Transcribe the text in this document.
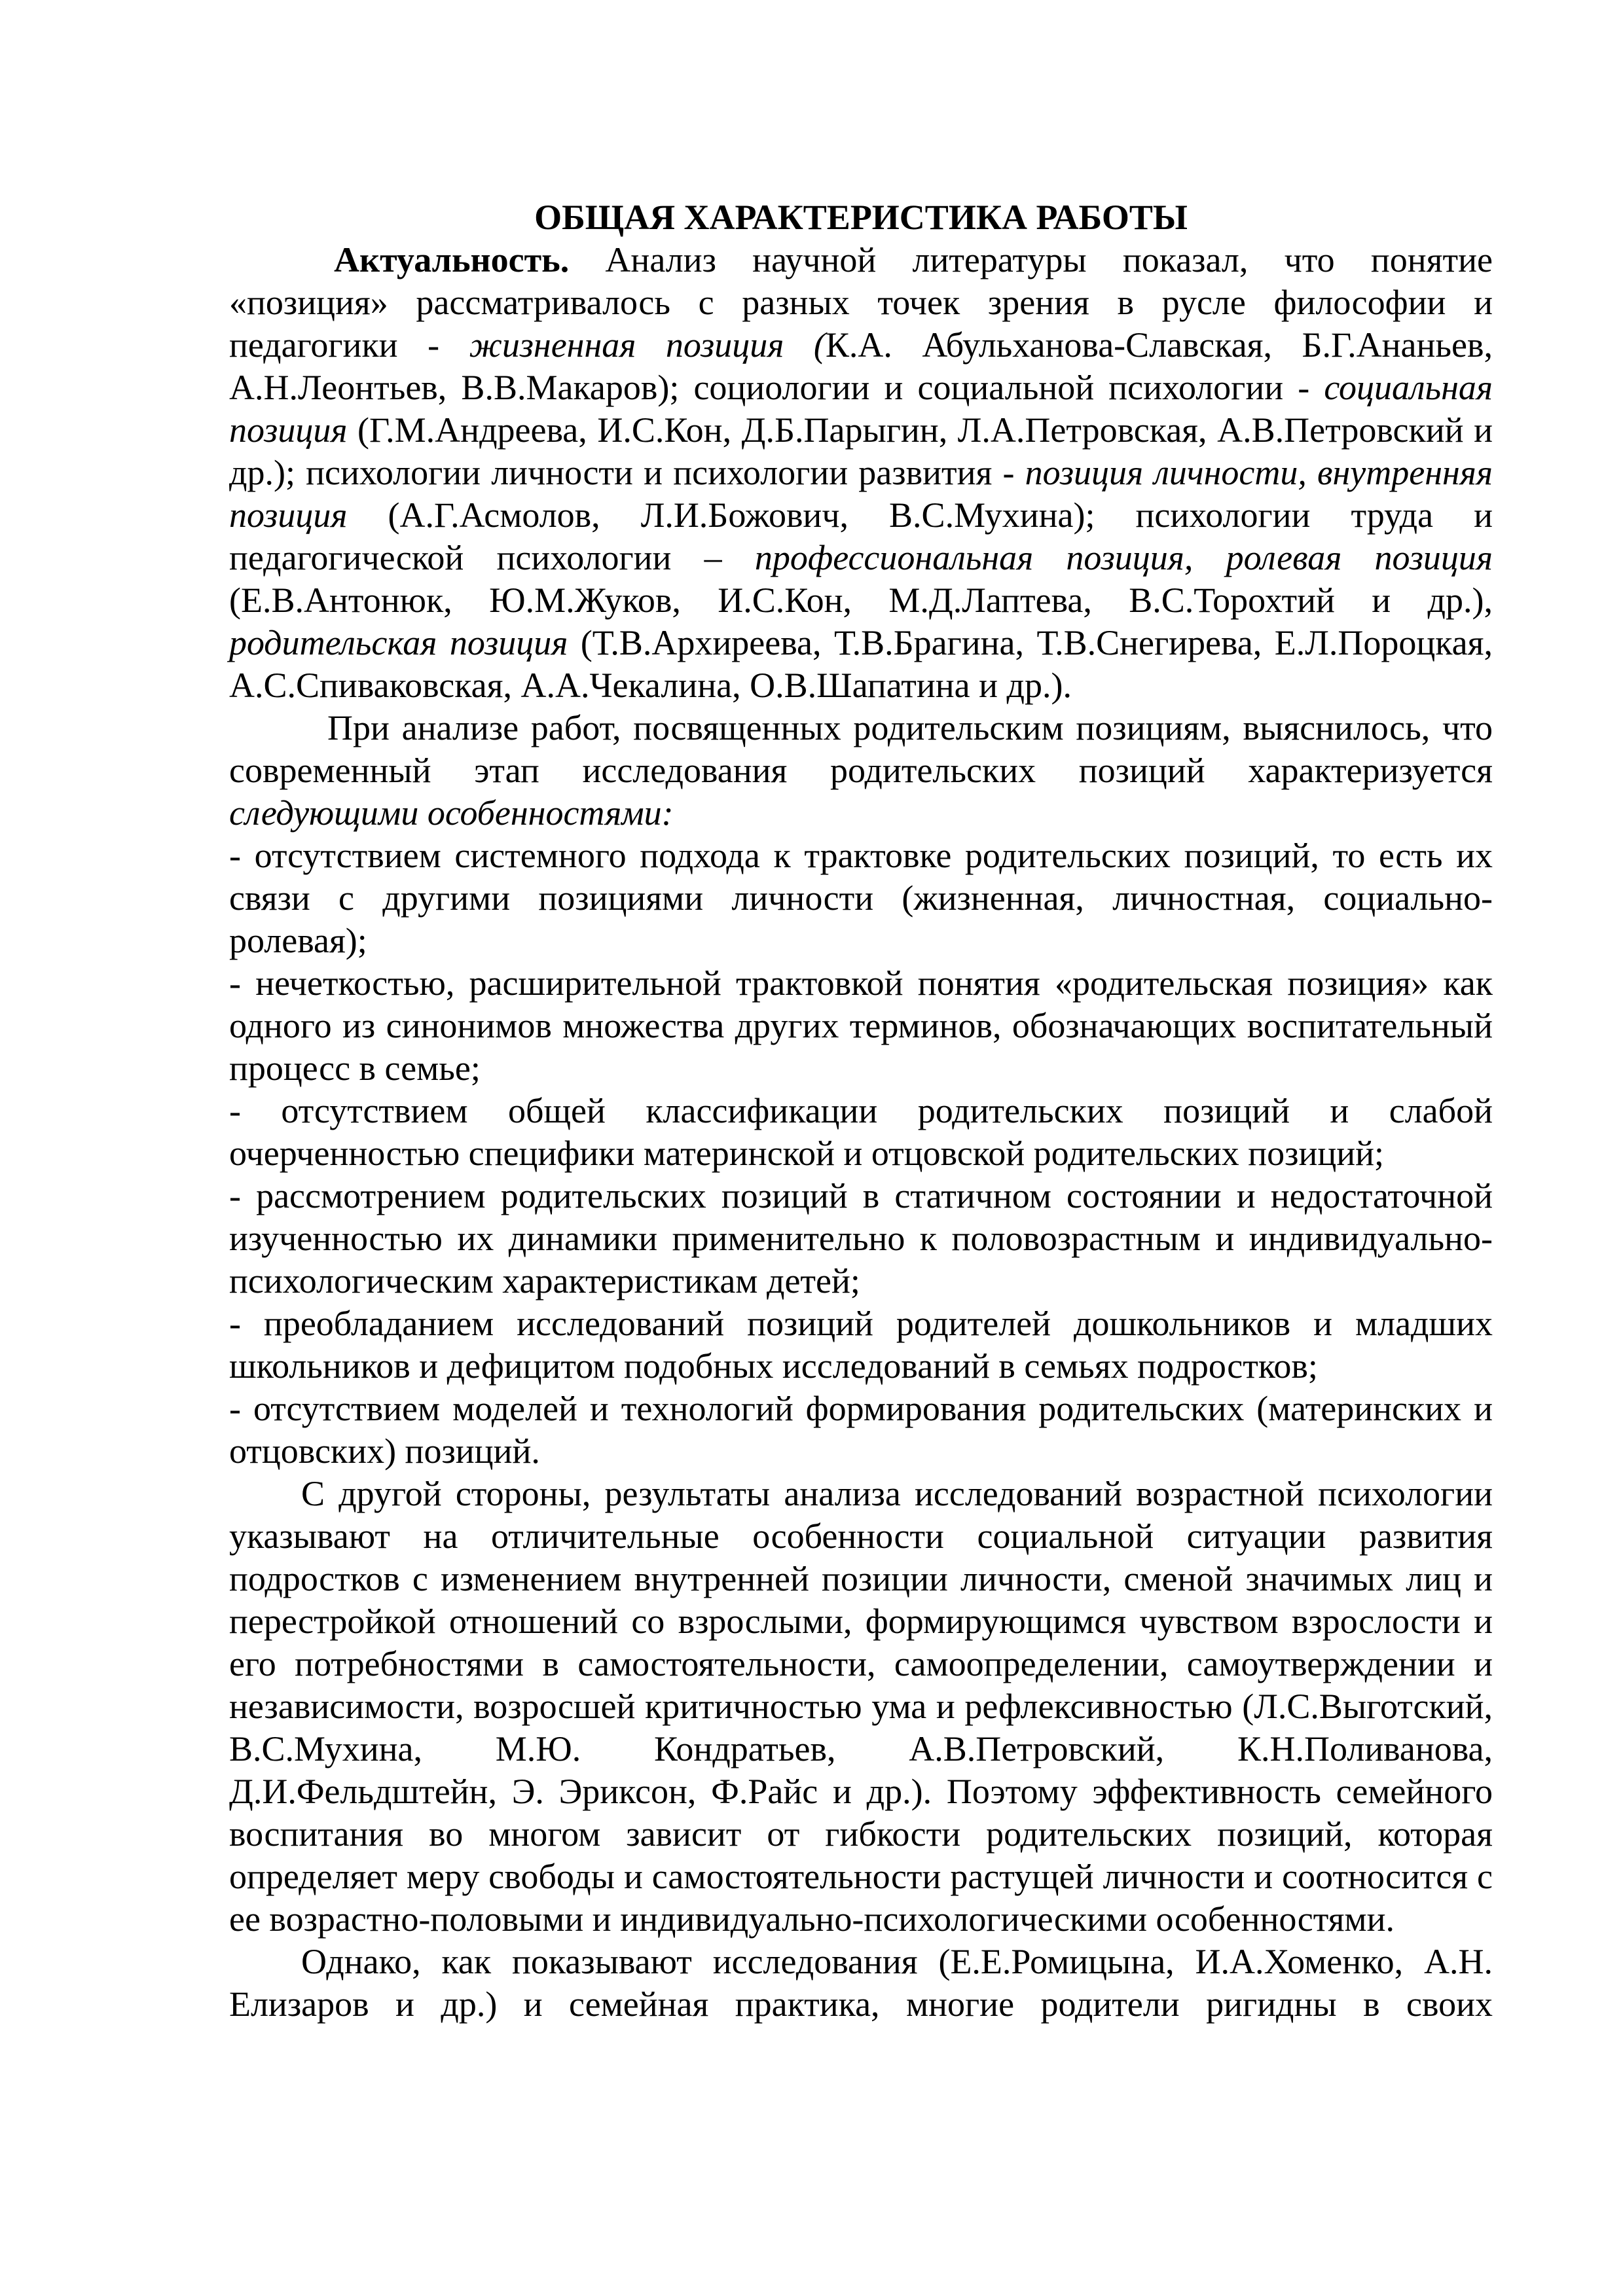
ОБЩАЯ ХАРАКТЕРИСТИКА РАБОТЫ

Актуальность. Анализ научной литературы показал, что понятие «позиция» рассматривалось с разных точек зрения в русле философии и педагогики - жизненная позиция (К.А. Абульханова-Славская, Б.Г.Ананьев, А.Н.Леонтьев, В.В.Макаров); социологии и социальной психологии - социальная позиция (Г.М.Андреева, И.С.Кон, Д.Б.Парыгин, Л.А.Петровская, А.В.Петровский и др.); психологии личности и психологии развития - позиция личности, внутренняя позиция (А.Г.Асмолов, Л.И.Божович, В.С.Мухина); психологии труда и педагогической психологии – профессиональная позиция, ролевая позиция (Е.В.Антонюк, Ю.М.Жуков, И.С.Кон, М.Д.Лаптева, В.С.Торохтий и др.), родительская позиция (Т.В.Архиреева, Т.В.Брагина, Т.В.Снегирева, Е.Л.Пороцкая, А.С.Спиваковская, А.А.Чекалина, О.В.Шапатина и др.).

При анализе работ, посвященных родительским позициям, выяснилось, что современный этап исследования родительских позиций характеризуется следующими особенностями:

- отсутствием системного подхода к трактовке родительских позиций, то есть их связи с другими позициями личности (жизненная, личностная, социально-ролевая);

- нечеткостью, расширительной трактовкой понятия «родительская позиция» как одного из синонимов множества других терминов, обозначающих воспитательный процесс в семье;

- отсутствием общей классификации родительских позиций и слабой очерченностью специфики материнской и отцовской родительских позиций;

- рассмотрением родительских позиций в статичном состоянии и недостаточной изученностью их динамики применительно к половозрастным и индивидуально-психологическим характеристикам детей;

- преобладанием исследований позиций родителей дошкольников и младших школьников и дефицитом подобных исследований в семьях подростков;

- отсутствием моделей и технологий формирования родительских (материнских и отцовских) позиций.

С другой стороны, результаты анализа исследований возрастной психологии указывают на отличительные особенности социальной ситуации развития подростков с изменением внутренней позиции личности, сменой значимых лиц и перестройкой отношений со взрослыми, формирующимся чувством взрослости и его потребностями в самостоятельности, самоопределении, самоутверждении и независимости, возросшей критичностью ума и рефлексивностью (Л.С.Выготский, В.С.Мухина, М.Ю. Кондратьев, А.В.Петровский, К.Н.Поливанова, Д.И.Фельдштейн, Э. Эриксон, Ф.Райс и др.). Поэтому эффективность семейного воспитания во многом зависит от гибкости родительских позиций, которая определяет меру свободы и самостоятельности растущей личности и соотносится с ее возрастно-половыми и индивидуально-психологическими особенностями.

Однако, как показывают исследования (Е.Е.Ромицына, И.А.Хоменко, А.Н. Елизаров и др.) и семейная практика, многие родители ригидны в своих
